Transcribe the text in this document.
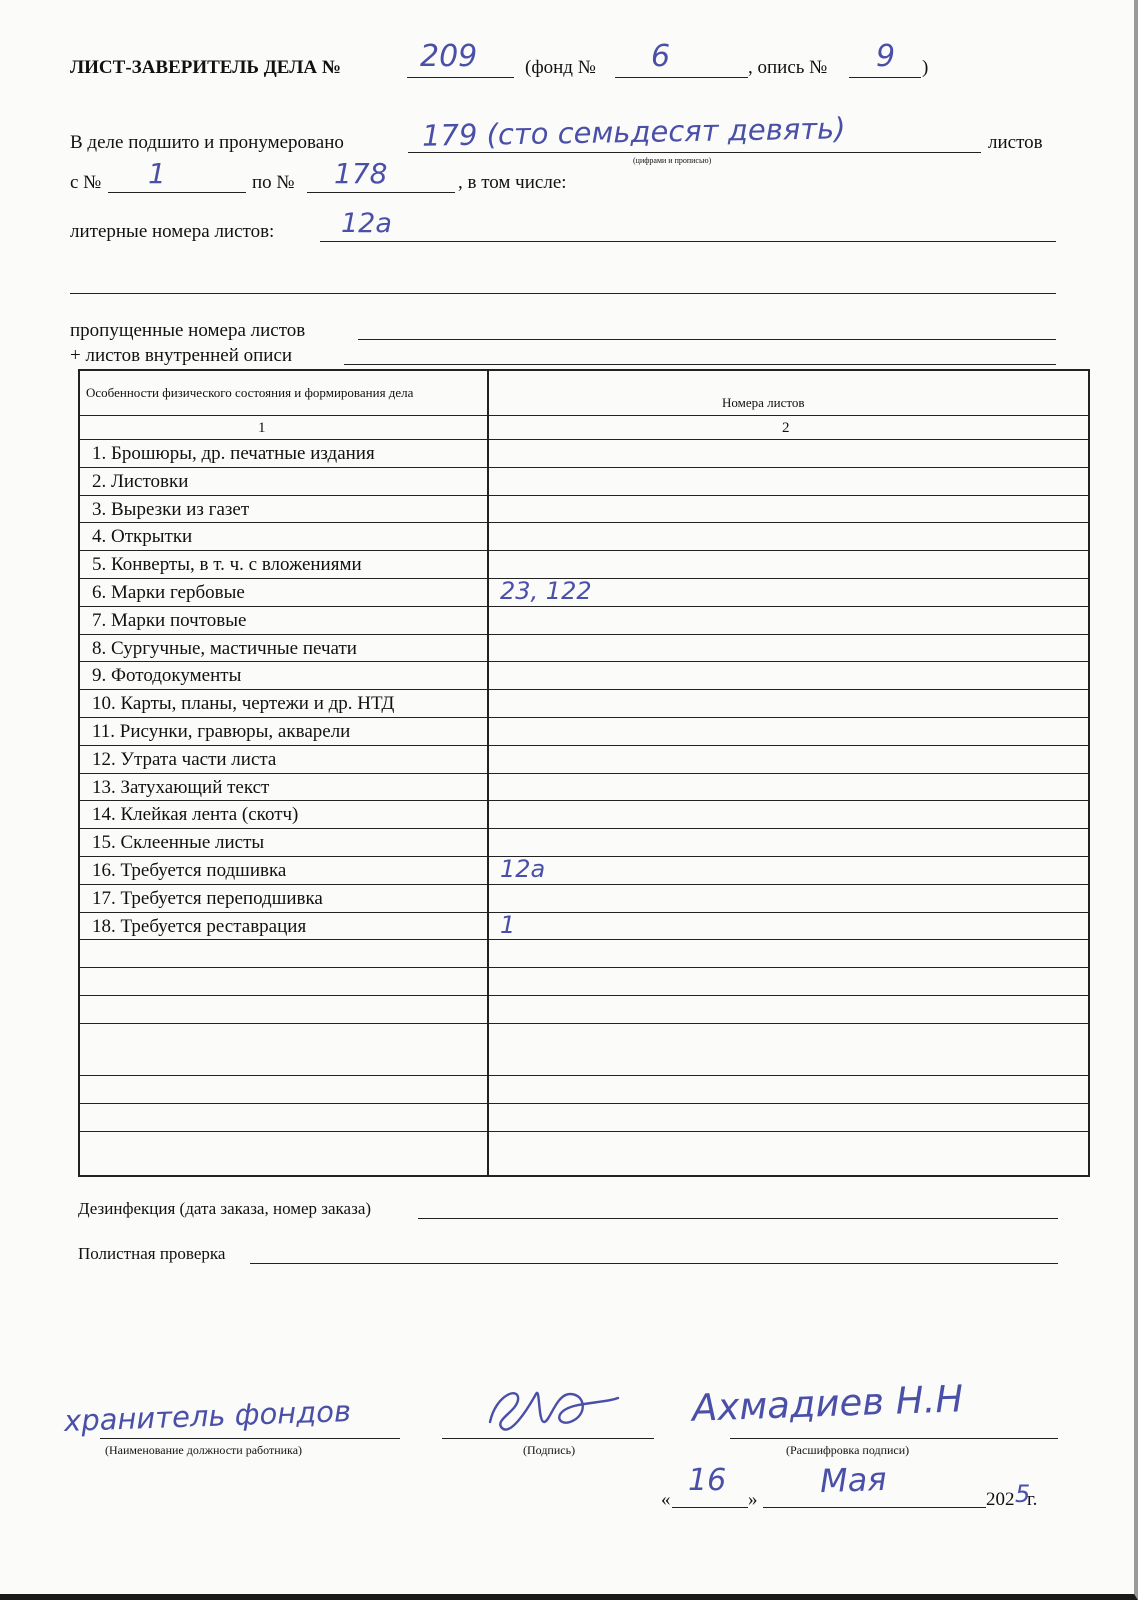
ЛИСТ-ЗАВЕРИТЕЛЬ ДЕЛА №	209	(фонд № 6	, опись № 9 )
В деле подшито и пронумеровано	179 (сто семьдесят девять)
(цифрами и прописью)
листов
с № 1	по № 178	, в том числе:
литерные номера листов: 12а
пропущенные номера листов
+ листов внутренней описи
Особенности физического состояния и формирования дела
Номера листов
1	2
1. Брошюры, др. печатные издания
2. Листовки
3. Вырезки из газет
4. Открытки
5. Конверты, в т. ч. с вложениями
6. Марки гербовые	23, 122
7. Марки почтовые
8. Сургучные, мастичные печати
9. Фотодокументы
10. Карты, планы, чертежи и др. НТД
11. Рисунки, гравюры, акварели
12. Утрата части листа
13. Затухающий текст
14. Клейкая лента (скотч)
15. Склеенные листы
16. Требуется подшивка	12а
17. Требуется переподшивка
18. Требуется реставрация	1
Дезинфекция (дата заказа, номер заказа)
Полистная проверка
хранитель фондов
(Наименование должности работника)	(Подпись)
Ахмадиев Н.Н
(Расшифровка подписи)
«
16
» Мая	202 5
г.
